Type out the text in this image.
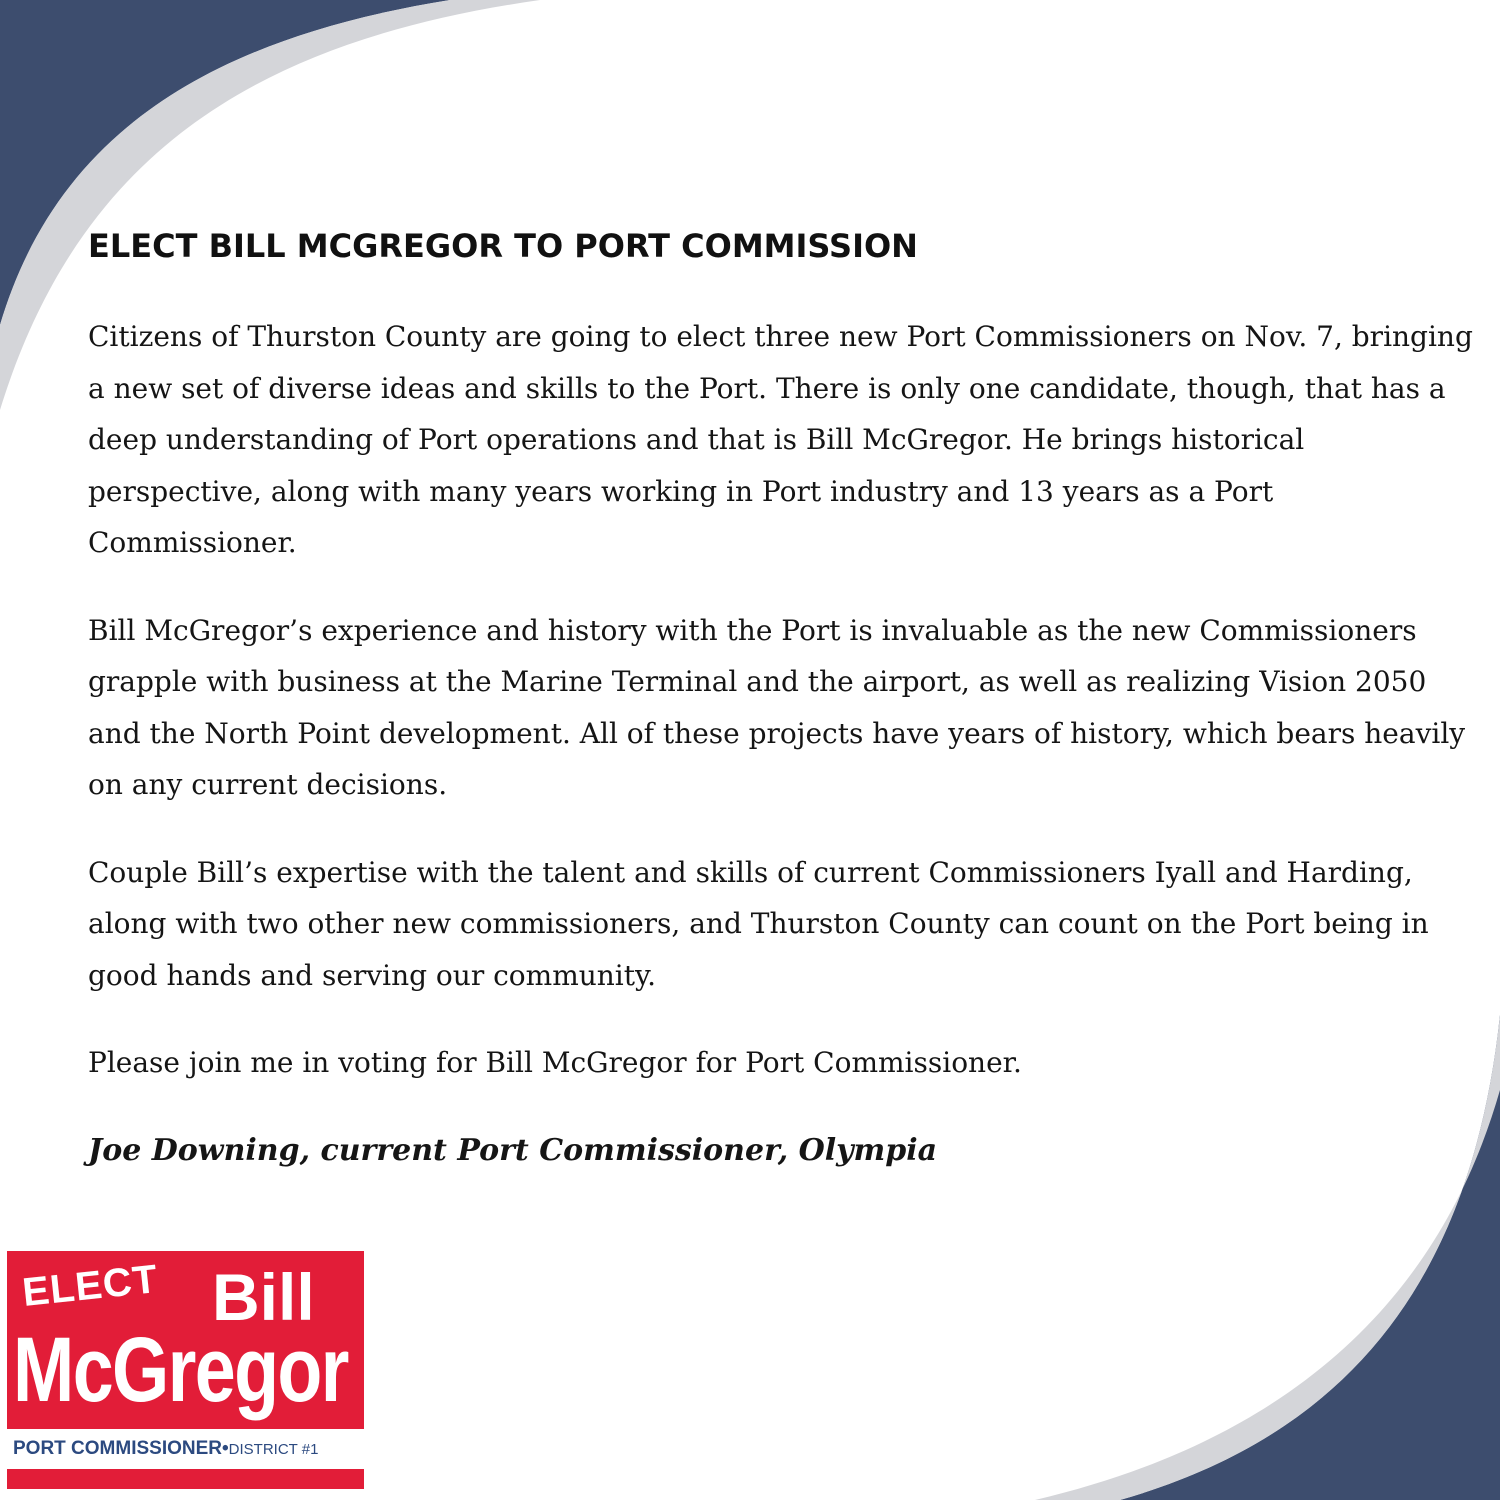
ELECT BILL MCGREGOR TO PORT COMMISSION

Citizens of Thurston County are going to elect three new Port Commissioners on Nov. 7, bringing a new set of diverse ideas and skills to the Port. There is only one candidate, though, that has a deep understanding of Port operations and that is Bill McGregor. He brings historical perspective, along with many years working in Port industry and 13 years as a Port Commissioner.

Bill McGregor’s experience and history with the Port is invaluable as the new Commissioners grapple with business at the Marine Terminal and the airport, as well as realizing Vision 2050 and the North Point development. All of these projects have years of history, which bears heavily on any current decisions.

Couple Bill’s expertise with the talent and skills of current Commissioners Iyall and Harding, along with two other new commissioners, and Thurston County can count on the Port being in good hands and serving our community.

Please join me in voting for Bill McGregor for Port Commissioner.

Joe Downing, current Port Commissioner, Olympia

ELECT Bill
McGregor
PORT COMMISSIONER•DISTRICT #1
